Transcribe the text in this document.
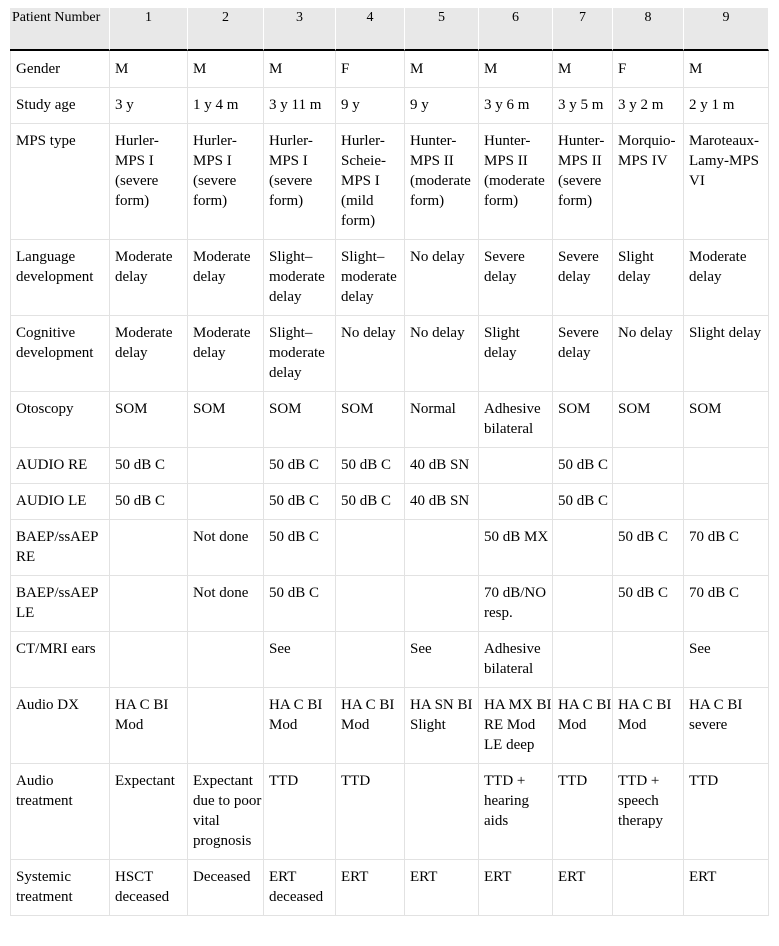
Patient Number	1	2	3	4	5	6	7	8	9
Gender	M	M	M	F	M	M	M	F	M
Study age	3 y	1 y 4 m	3 y 11 m	9 y	9 y	3 y 6 m	3 y 5 m	3 y 2 m	2 y 1 m
MPS type	Hurler-MPS I (severe form)	Hurler-MPS I (severe form)	Hurler-MPS I (severe form)	Hurler-Scheie-MPS I (mild form)	Hunter-MPS II (moderate form)	Hunter-MPS II (moderate form)	Hunter-MPS II (severe form)	Morquio-MPS IV	Maroteaux-Lamy-MPS VI
Language development	Moderate delay	Moderate delay	Slight–moderate delay	Slight–moderate delay	No delay	Severe delay	Severe delay	Slight delay	Moderate delay
Cognitive development	Moderate delay	Moderate delay	Slight–moderate delay	No delay	No delay	Slight delay	Severe delay	No delay	Slight delay
Otoscopy	SOM	SOM	SOM	SOM	Normal	Adhesive bilateral	SOM	SOM	SOM
AUDIO RE	50 dB C		50 dB C	50 dB C	40 dB SN		50 dB C		
AUDIO LE	50 dB C		50 dB C	50 dB C	40 dB SN		50 dB C		
BAEP/ssAEP RE		Not done	50 dB C			50 dB MX		50 dB C	70 dB C
BAEP/ssAEP LE		Not done	50 dB C			70 dB/NO resp.		50 dB C	70 dB C
CT/MRI ears			See		See	Adhesive bilateral			See
Audio DX	HA C BI Mod		HA C BI Mod	HA C BI Mod	HA SN BI Slight	HA MX BI RE Mod LE deep	HA C BI Mod	HA C BI Mod	HA C BI severe
Audio treatment	Expectant	Expectant due to poor vital prognosis	TTD	TTD		TTD + hearing aids	TTD	TTD + speech therapy	TTD
Systemic treatment	HSCT deceased	Deceased	ERT deceased	ERT	ERT	ERT	ERT		ERT
